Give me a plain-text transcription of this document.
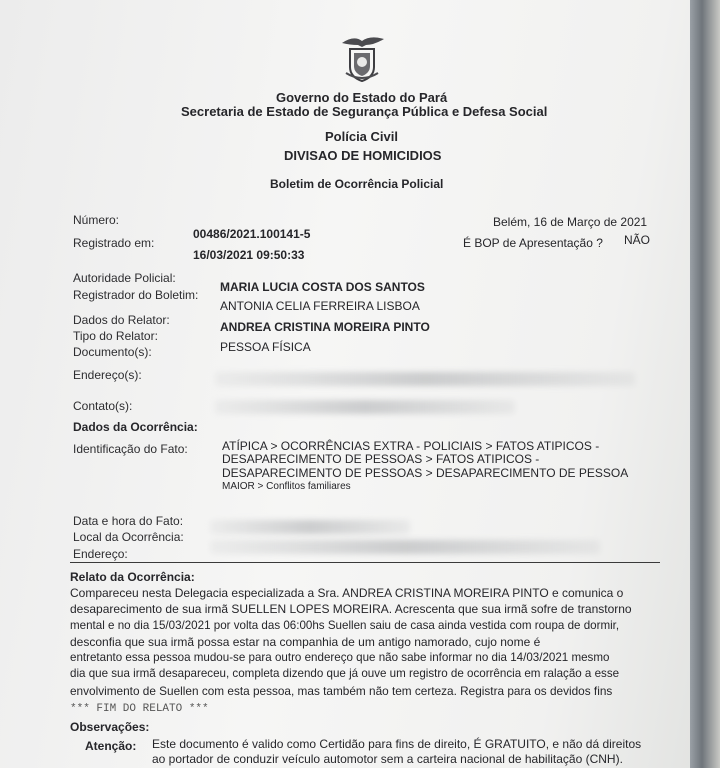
Governo do Estado do Pará
Secretaria de Estado de Segurança Pública e Defesa Social
Polícia Civil
DIVISAO DE HOMICIDIOS
Boletim de Ocorrência Policial
Número:
00486/2021.100141-5
Registrado em:
16/03/2021 09:50:33
Belém, 16 de Março de 2021
É BOP de Apresentação ? NÃO
Autoridade Policial:
MARIA LUCIA COSTA DOS SANTOS
Registrador do Boletim:
ANTONIA CELIA FERREIRA LISBOA
Dados do Relator:	ANDREA CRISTINA MOREIRA PINTO
Tipo do Relator:
PESSOA FÍSICA
Documento(s):
Endereço(s):
Contato(s):
Dados da Ocorrência:
Identificação do Fato:	ATÍPICA > OCORRÊNCIAS EXTRA - POLICIAIS > FATOS ATIPICOS -
DESAPARECIMENTO DE PESSOAS > FATOS ATIPICOS -
DESAPARECIMENTO DE PESSOAS > DESAPARECIMENTO DE PESSOA
MAIOR > Conflitos familiares
Data e hora do Fato:
Local da Ocorrência:
Endereço:
Relato da Ocorrência:
Compareceu nesta Delegacia especializada a Sra. ANDREA CRISTINA MOREIRA PINTO e comunica o
desaparecimento de sua irmã SUELLEN LOPES MOREIRA. Acrescenta que sua irmã sofre de transtorno
mental e no dia 15/03/2021 por volta das 06:00hs Suellen saiu de casa ainda vestida com roupa de dormir,
desconfia que sua irmã possa estar na companhia de um antigo namorado, cujo nome é
entretanto essa pessoa mudou-se para outro endereço que não sabe informar no dia 14/03/2021 mesmo
dia que sua irmã desapareceu, completa dizendo que já ouve um registro de ocorrência em ralação a esse
envolvimento de Suellen com esta pessoa, mas também não tem certeza. Registra para os devidos fins
*** FIM DO RELATO ***
Observações:
Atenção: Este documento é valido como Certidão para fins de direito, É GRATUITO, e não dá direitos
ao portador de conduzir veículo automotor sem a carteira nacional de habilitação (CNH).
